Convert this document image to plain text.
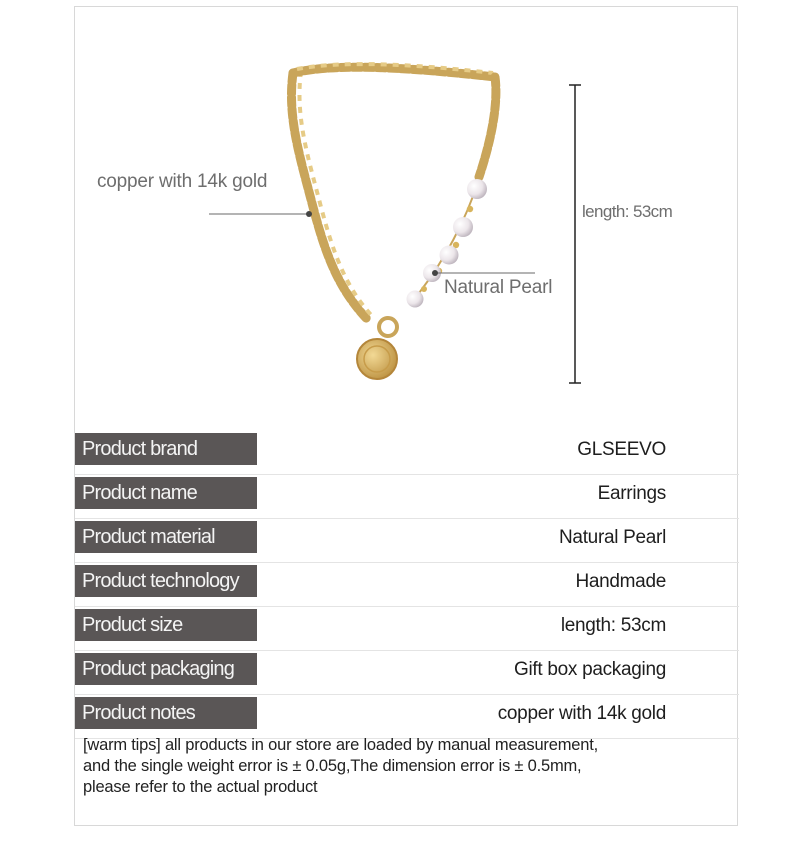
copper with 14k gold
Natural Pearl
length: 53cm
Product brand	GLSEEVO
Product name	Earrings
Product material	Natural Pearl
Product technology	Handmade
Product size	length: 53cm
Product packaging	Gift box packaging
Product notes	copper with 14k gold
[warm tips] all products in our store are loaded by manual measurement,
and the single weight error is ± 0.05g,The dimension error is ± 0.5mm,
please refer to the actual product
